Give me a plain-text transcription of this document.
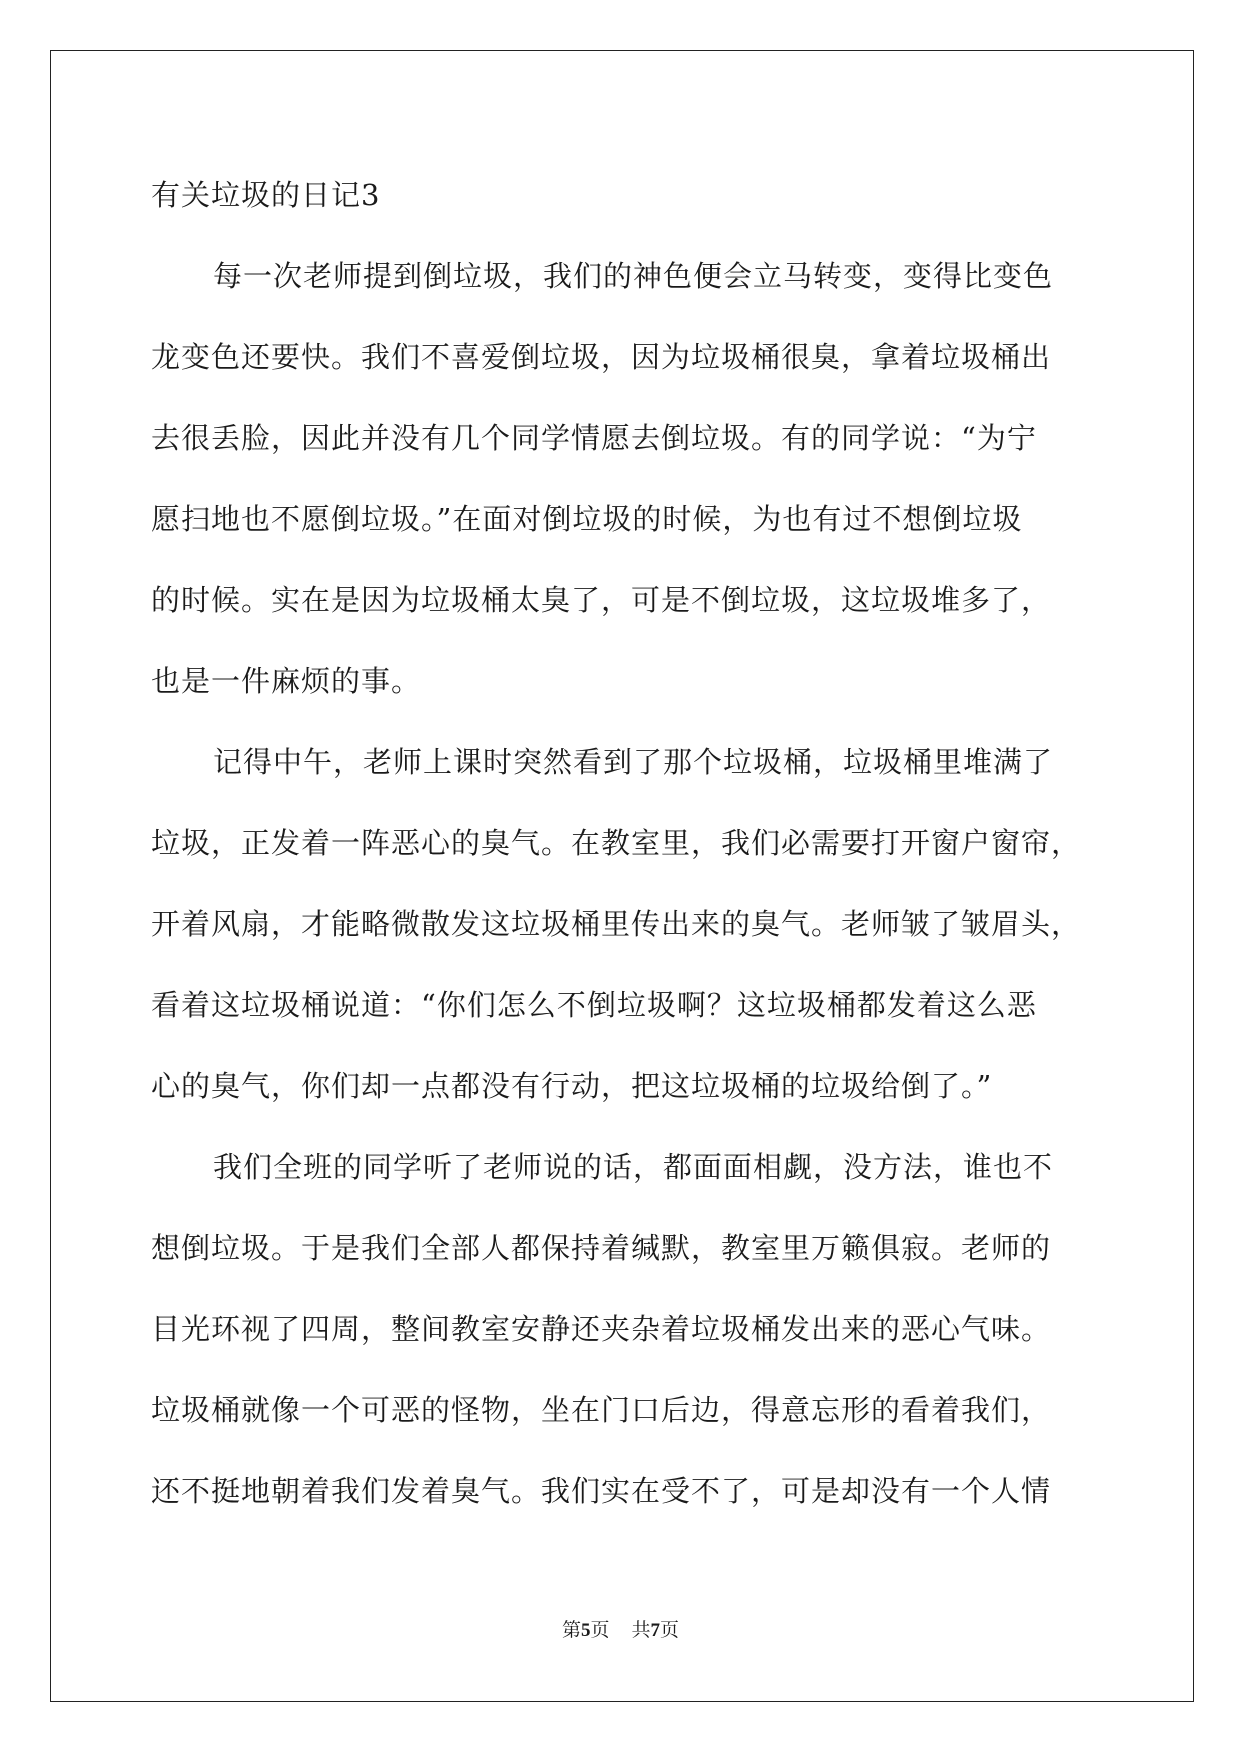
有关垃圾的日记3
每一次老师提到倒垃圾，我们的神色便会立马转变，变得比变色
龙变色还要快。我们不喜爱倒垃圾，因为垃圾桶很臭，拿着垃圾桶出
去很丢脸，因此并没有几个同学情愿去倒垃圾。有的同学说：“为宁
愿扫地也不愿倒垃圾。”在面对倒垃圾的时候，为也有过不想倒垃圾
的时候。实在是因为垃圾桶太臭了，可是不倒垃圾，这垃圾堆多了，
也是一件麻烦的事。
记得中午，老师上课时突然看到了那个垃圾桶，垃圾桶里堆满了
垃圾，正发着一阵恶心的臭气。在教室里，我们必需要打开窗户窗帘，
开着风扇，才能略微散发这垃圾桶里传出来的臭气。老师皱了皱眉头，
看着这垃圾桶说道：“你们怎么不倒垃圾啊？这垃圾桶都发着这么恶
心的臭气，你们却一点都没有行动，把这垃圾桶的垃圾给倒了。”
我们全班的同学听了老师说的话，都面面相觑，没方法，谁也不
想倒垃圾。于是我们全部人都保持着缄默，教室里万籁俱寂。老师的
目光环视了四周，整间教室安静还夹杂着垃圾桶发出来的恶心气味。
垃圾桶就像一个可恶的怪物，坐在门口后边，得意忘形的看着我们，
还不挺地朝着我们发着臭气。我们实在受不了，可是却没有一个人情
第5页 共7页
